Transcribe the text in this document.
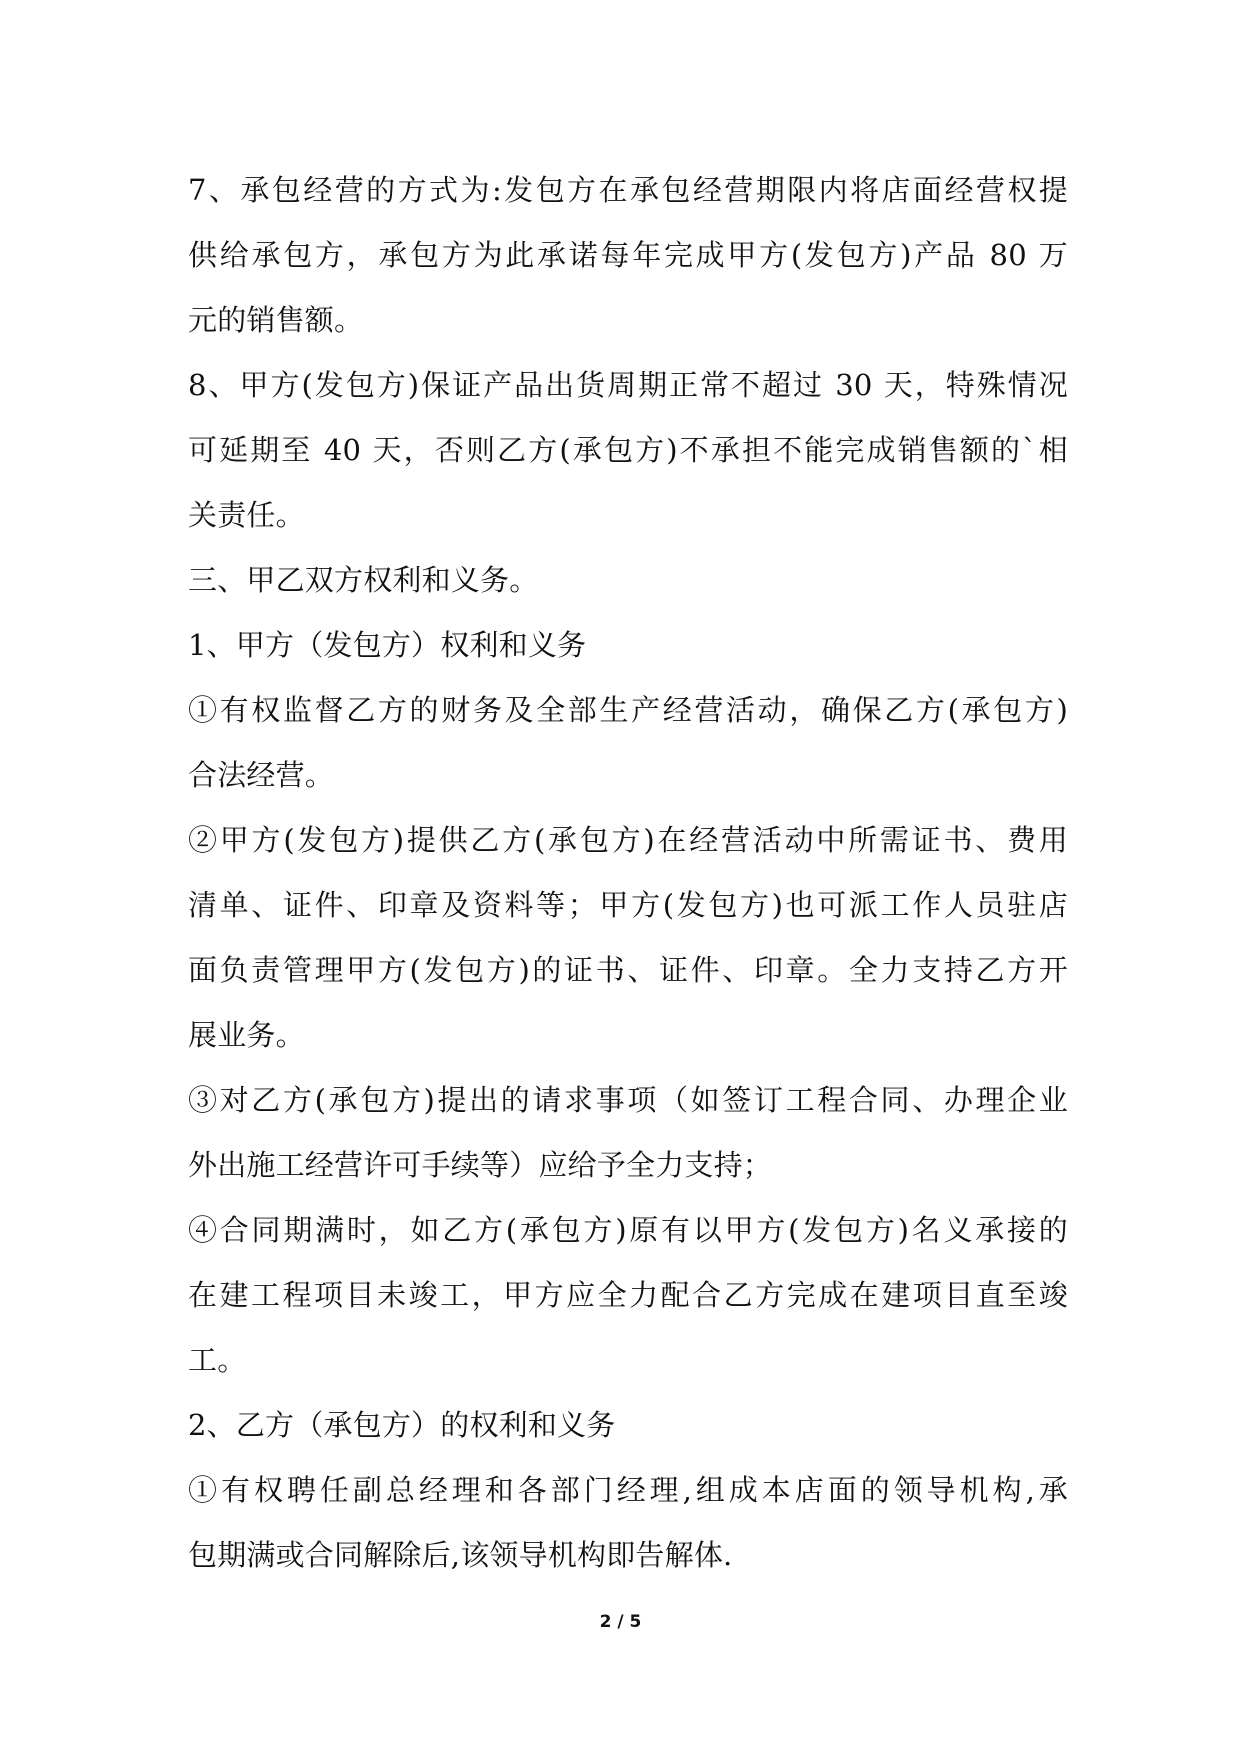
7、承包经营的方式为:发包方在承包经营期限内将店面经营权提
供给承包方，承包方为此承诺每年完成甲方(发包方)产品 80 万
元的销售额。
8、甲方(发包方)保证产品出货周期正常不超过 30 天，特殊情况
可延期至 40 天，否则乙方(承包方)不承担不能完成销售额的`相
关责任。
三、甲乙双方权利和义务。
1、甲方（发包方）权利和义务
①有权监督乙方的财务及全部生产经营活动，确保乙方(承包方)
合法经营。
②甲方(发包方)提供乙方(承包方)在经营活动中所需证书、费用
清单、证件、印章及资料等；甲方(发包方)也可派工作人员驻店
面负责管理甲方(发包方)的证书、证件、印章。全力支持乙方开
展业务。
③对乙方(承包方)提出的请求事项（如签订工程合同、办理企业
外出施工经营许可手续等）应给予全力支持；
④合同期满时，如乙方(承包方)原有以甲方(发包方)名义承接的
在建工程项目未竣工，甲方应全力配合乙方完成在建项目直至竣
工。
2、乙方（承包方）的权利和义务
①有权聘任副总经理和各部门经理,组成本店面的领导机构,承
包期满或合同解除后,该领导机构即告解体.
2 / 5
